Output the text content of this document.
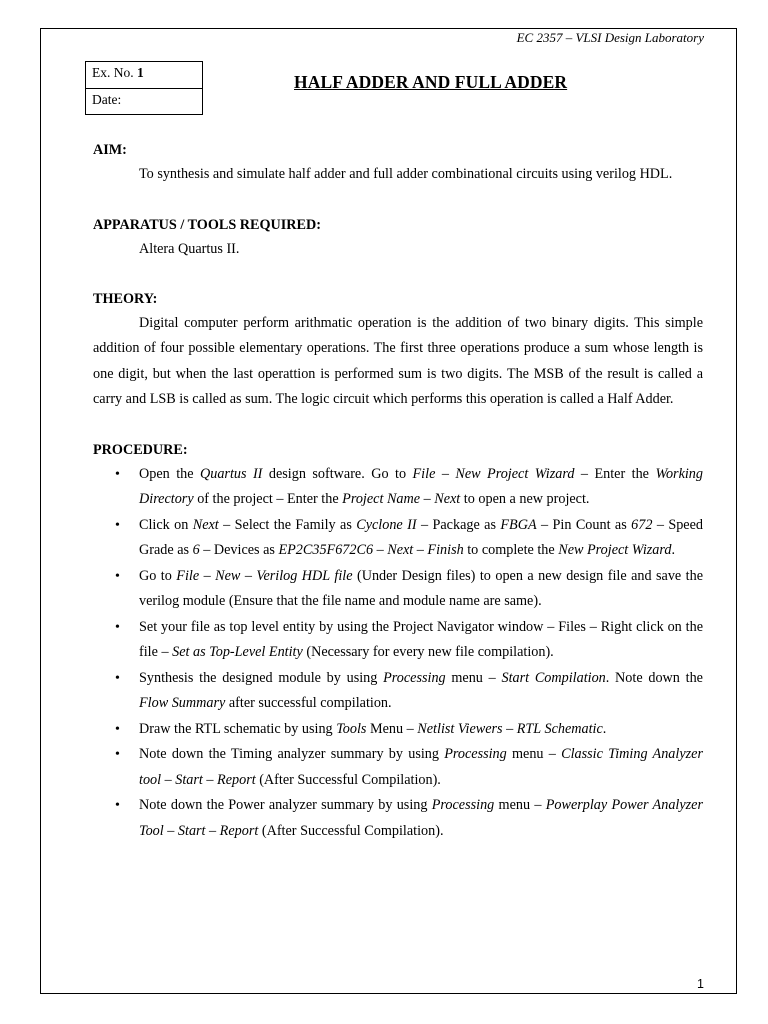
EC 2357 – VLSI Design Laboratory
Ex. No. 1
Date:
HALF ADDER AND FULL ADDER

AIM:

To synthesis and simulate half adder and full adder combinational circuits using verilog HDL.

APPARATUS / TOOLS REQUIRED:

Altera Quartus II.

THEORY:

Digital computer perform arithmatic operation is the addition of two binary digits. This simple addition of four possible elementary operations. The first three operations produce a sum whose length is one digit, but when the last operattion is performed sum is two digits. The MSB of the result is called a carry and LSB is called as sum. The logic circuit which performs this operation is called a Half Adder.

PROCEDURE:

• Open the Quartus II design software. Go to File – New Project Wizard – Enter the Working Directory of the project – Enter the Project Name – Next to open a new project.
• Click on Next – Select the Family as Cyclone II – Package as FBGA – Pin Count as 672 – Speed Grade as 6 – Devices as EP2C35F672C6 – Next – Finish to complete the New Project Wizard.
• Go to File – New – Verilog HDL file (Under Design files) to open a new design file and save the verilog module (Ensure that the file name and module name are same).
• Set your file as top level entity by using the Project Navigator window – Files – Right click on the file – Set as Top-Level Entity (Necessary for every new file compilation).
• Synthesis the designed module by using Processing menu – Start Compilation. Note down the Flow Summary after successful compilation.
• Draw the RTL schematic by using Tools Menu – Netlist Viewers – RTL Schematic.
• Note down the Timing analyzer summary by using Processing menu – Classic Timing Analyzer tool – Start – Report (After Successful Compilation).
• Note down the Power analyzer summary by using Processing menu – Powerplay Power Analyzer Tool – Start – Report (After Successful Compilation).
1
